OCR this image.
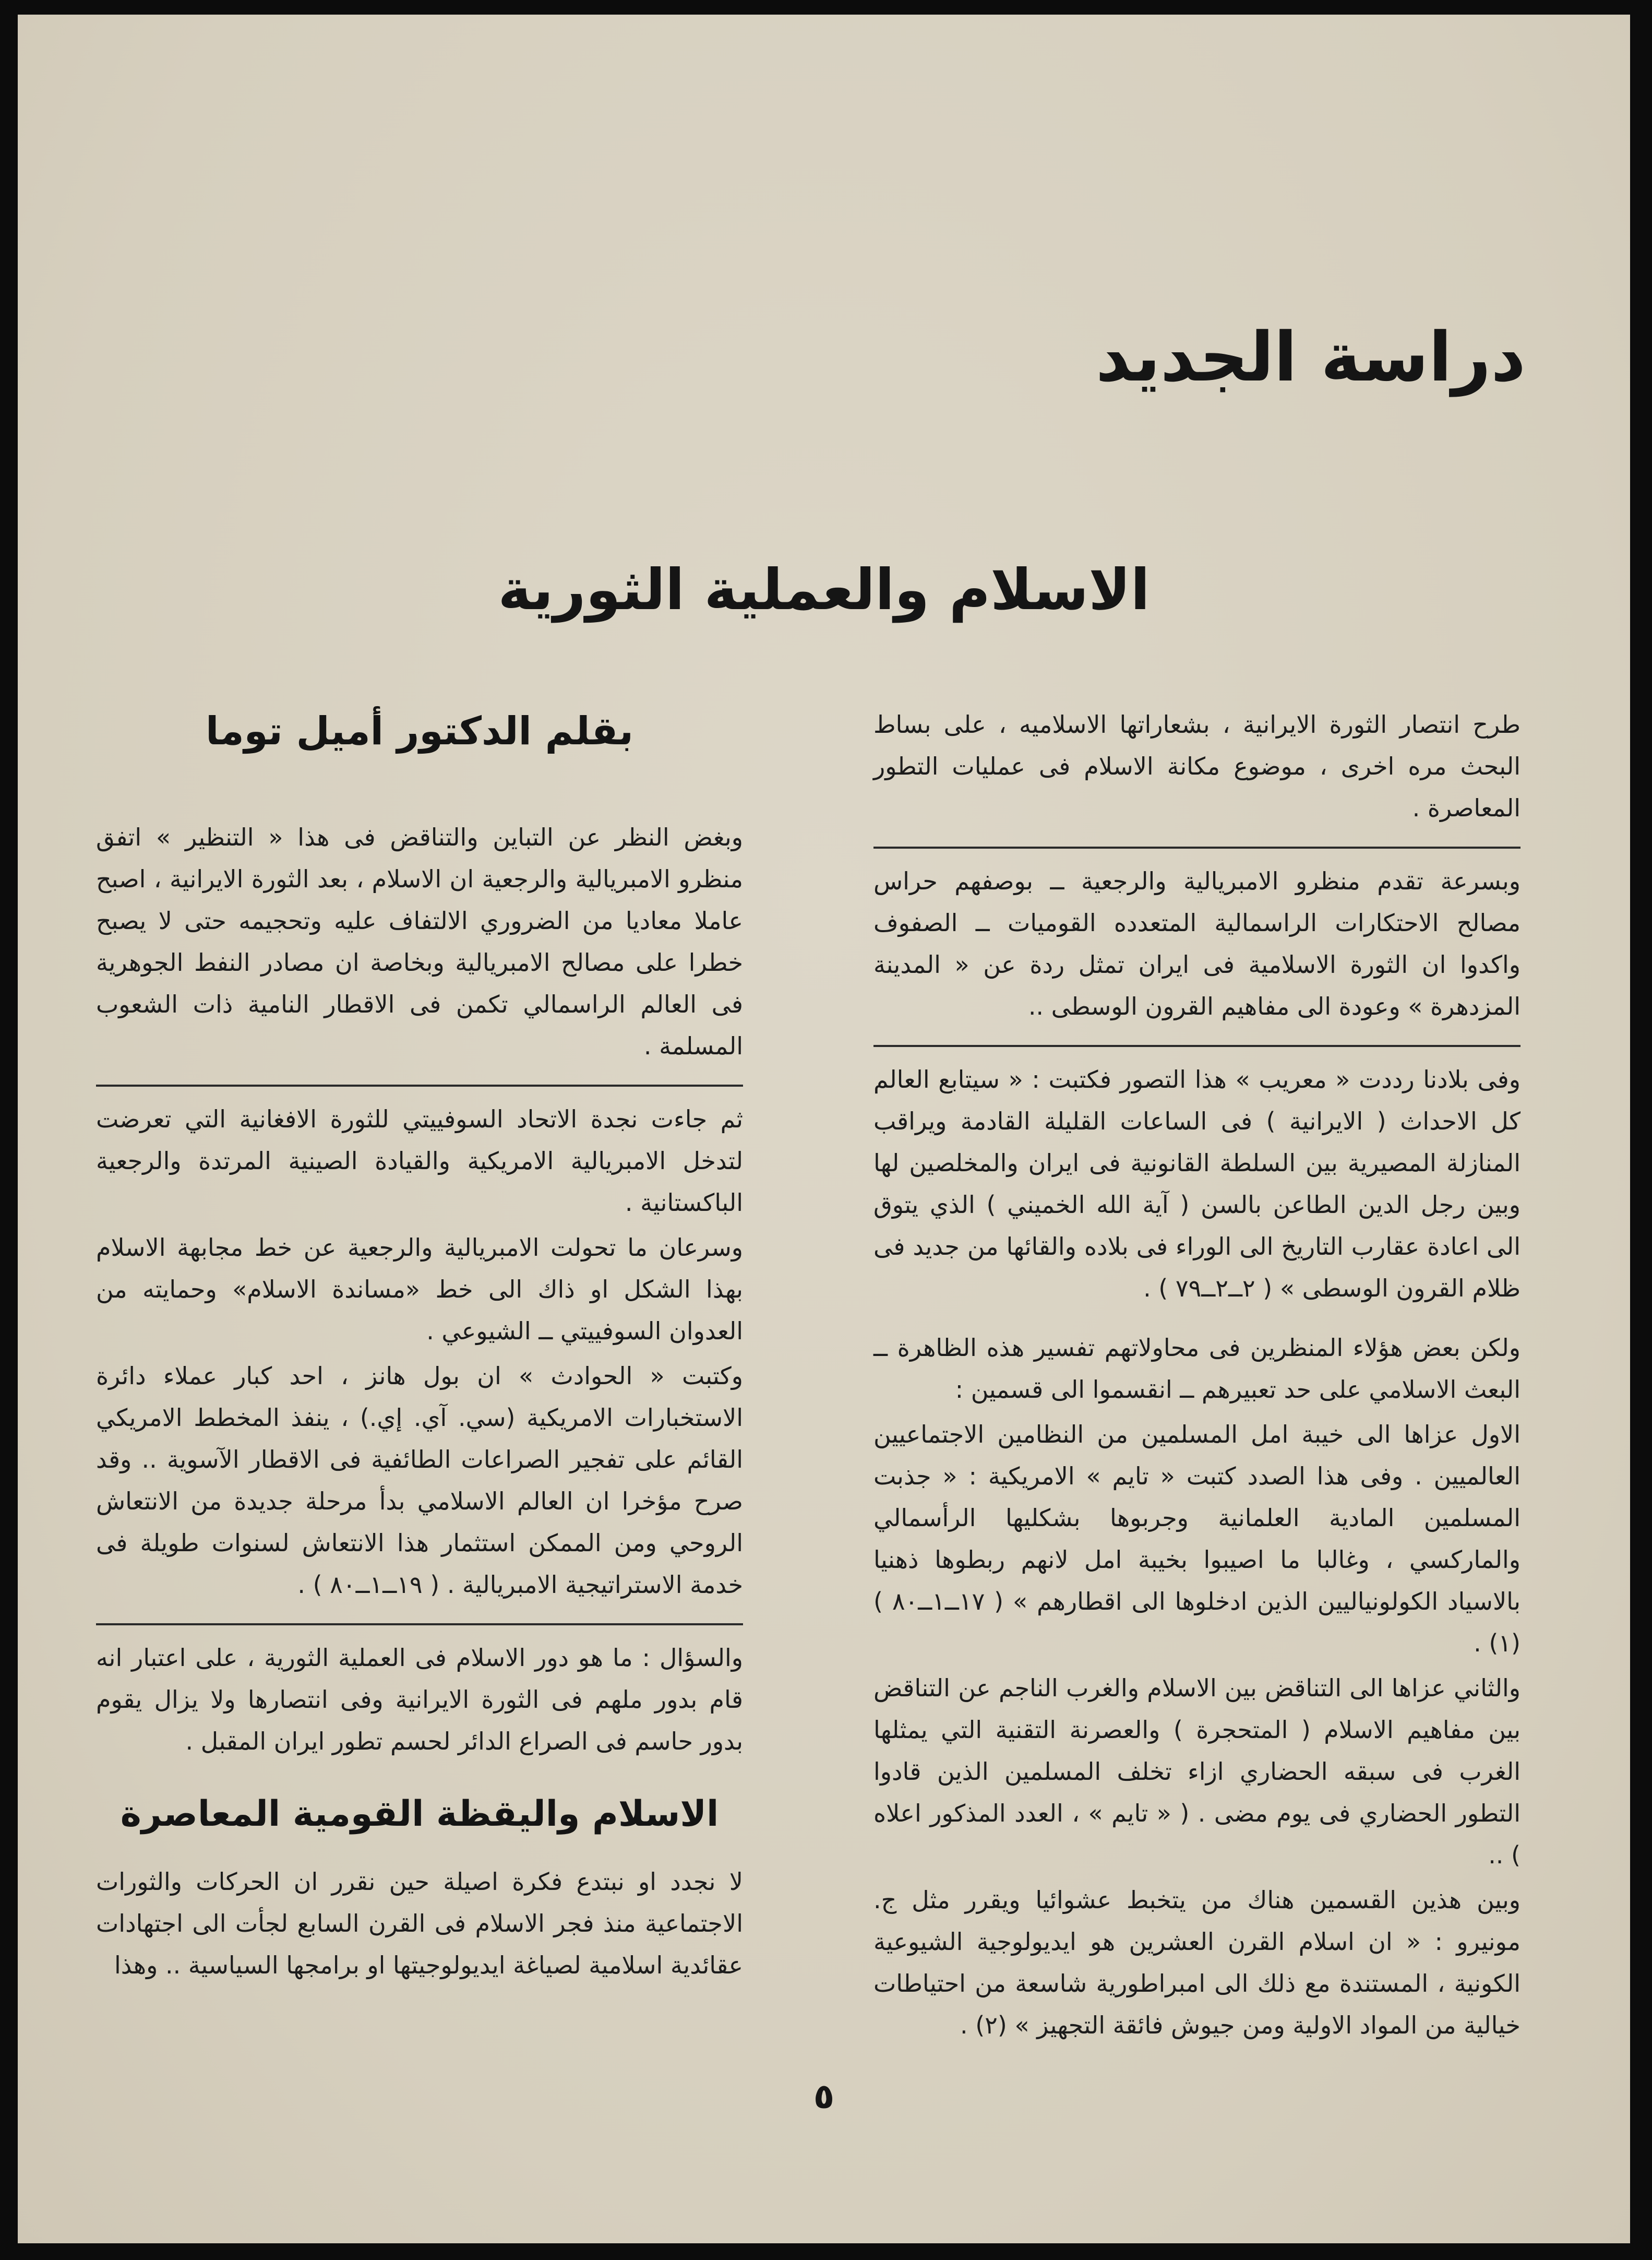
دراسة الجديد
الاسلام والعملية الثورية

طرح انتصار الثورة الايرانية ، بشعاراتها الاسلاميه ، على بساط البحث مره اخرى ، موضوع مكانة الاسلام فى عمليات التطور المعاصرة .

وبسرعة تقدم منظرو الامبريالية والرجعية ــ بوصفهم حراس مصالح الاحتكارات الراسمالية المتعدده القوميات ــ الصفوف واكدوا ان الثورة الاسلامية فى ايران تمثل ردة عن « المدينة المزدهرة » وعودة الى مفاهيم القرون الوسطى ..

وفى بلادنا رددت « معريب » هذا التصور فكتبت : « سيتابع العالم كل الاحداث ( الايرانية ) فى الساعات القليلة القادمة ويراقب المنازلة المصيرية بين السلطة القانونية فى ايران والمخلصين لها وبين رجل الدين الطاعن بالسن ( آية الله الخميني ) الذي يتوق الى اعادة عقارب التاريخ الى الوراء فى بلاده والقائها من جديد فى ظلام القرون الوسطى » ( ٢ــ٢ــ٧٩ ) .

ولكن بعض هؤلاء المنظرين فى محاولاتهم تفسير هذه الظاهرة ــ البعث الاسلامي على حد تعبيرهم ــ انقسموا الى قسمين :

الاول عزاها الى خيبة امل المسلمين من النظامين الاجتماعيين العالميين . وفى هذا الصدد كتبت « تايم » الامريكية : « جذبت المسلمين المادية العلمانية وجربوها بشكليها الرأسمالي والماركسي ، وغالبا ما اصيبوا بخيبة امل لانهم ربطوها ذهنيا بالاسياد الكولونياليين الذين ادخلوها الى اقطارهم » ( ١٧ــ١ــ٨٠ ) (١) .

والثاني عزاها الى التناقض بين الاسلام والغرب الناجم عن التناقض بين مفاهيم الاسلام ( المتحجرة ) والعصرنة التقنية التي يمثلها الغرب فى سبقه الحضاري ازاء تخلف المسلمين الذين قادوا التطور الحضاري فى يوم مضى . ( « تايم » ، العدد المذكور اعلاه ) ..

وبين هذين القسمين هناك من يتخبط عشوائيا ويقرر مثل ج. مونيرو : « ان اسلام القرن العشرين هو ايديولوجية الشيوعية الكونية ، المستندة مع ذلك الى امبراطورية شاسعة من احتياطات خيالية من المواد الاولية ومن جيوش فائقة التجهيز » (٢) .

بقلم الدكتور أميل توما

وبغض النظر عن التباين والتناقض فى هذا « التنظير » اتفق منظرو الامبريالية والرجعية ان الاسلام ، بعد الثورة الايرانية ، اصبح عاملا معاديا من الضروري الالتفاف عليه وتحجيمه حتى لا يصبح خطرا على مصالح الامبريالية وبخاصة ان مصادر النفط الجوهرية فى العالم الراسمالي تكمن فى الاقطار النامية ذات الشعوب المسلمة .

ثم جاءت نجدة الاتحاد السوفييتي للثورة الافغانية التي تعرضت لتدخل الامبريالية الامريكية والقيادة الصينية المرتدة والرجعية الباكستانية .

وسرعان ما تحولت الامبريالية والرجعية عن خط مجابهة الاسلام بهذا الشكل او ذاك الى خط «مساندة الاسلام» وحمايته من العدوان السوفييتي ــ الشيوعي .

وكتبت « الحوادث » ان بول هانز ، احد كبار عملاء دائرة الاستخبارات الامريكية (سي. آي. إي.) ، ينفذ المخطط الامريكي القائم على تفجير الصراعات الطائفية فى الاقطار الآسوية .. وقد صرح مؤخرا ان العالم الاسلامي بدأ مرحلة جديدة من الانتعاش الروحي ومن الممكن استثمار هذا الانتعاش لسنوات طويلة فى خدمة الاستراتيجية الامبريالية . ( ١٩ــ١ــ٨٠ ) .

والسؤال : ما هو دور الاسلام فى العملية الثورية ، على اعتبار انه قام بدور ملهم فى الثورة الايرانية وفى انتصارها ولا يزال يقوم بدور حاسم فى الصراع الدائر لحسم تطور ايران المقبل .

الاسلام واليقظة القومية المعاصرة

لا نجدد او نبتدع فكرة اصيلة حين نقرر ان الحركات والثورات الاجتماعية منذ فجر الاسلام فى القرن السابع لجأت الى اجتهادات عقائدية اسلامية لصياغة ايديولوجيتها او برامجها السياسية .. وهذا

٥
